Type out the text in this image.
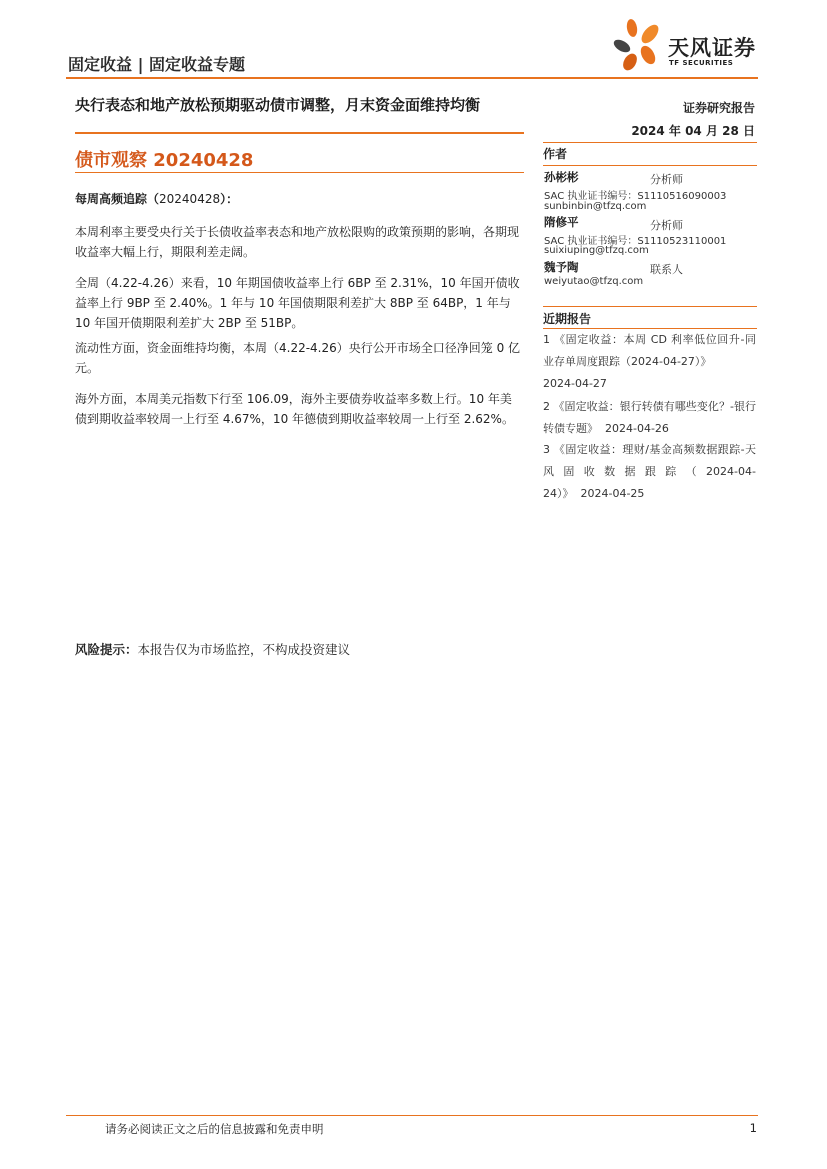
固定收益 | 固定收益专题
天风证券
TF SECURITIES
央行表态和地产放松预期驱动债市调整，月末资金面维持均衡	证券研究报告
2024 年 04 月 28 日
债市观察 20240428
每周高频追踪（20240428）：
本周利率主要受央行关于长债收益率表态和地产放松限购的政策预期的影响，各期现收益率大幅上行，期限利差走阔。
全周（4.22-4.26）来看，10 年期国债收益率上行 6BP 至 2.31%，10 年国开债收益率上行 9BP 至 2.40%。1 年与 10 年国债期限利差扩大 8BP 至 64BP，1 年与 10 年国开债期限利差扩大 2BP 至 51BP。
流动性方面，资金面维持均衡，本周（4.22-4.26）央行公开市场全口径净回笼 0 亿元。
海外方面，本周美元指数下行至 106.09，海外主要债券收益率多数上行。10 年美债到期收益率较周一上行至 4.67%，10 年德债到期收益率较周一上行至 2.62%。
作者
孙彬彬	分析师
SAC 执业证书编号：S1110516090003
sunbinbin@tfzq.com
隋修平	分析师
SAC 执业证书编号：S1110523110001
suixiuping@tfzq.com
魏予陶	联系人
weiyutao@tfzq.com
近期报告
1 《固定收益：本周 CD 利率低位回升-同业存单周度跟踪（2024-04-27）》
2024-04-27
2 《固定收益：银行转债有哪些变化？-银行转债专题》 2024-04-26
3 《固定收益：理财/基金高频数据跟踪-天风固收数据跟踪（2024-04-24）》 2024-04-25
风险提示：本报告仅为市场监控，不构成投资建议
请务必阅读正文之后的信息披露和免责申明	1
